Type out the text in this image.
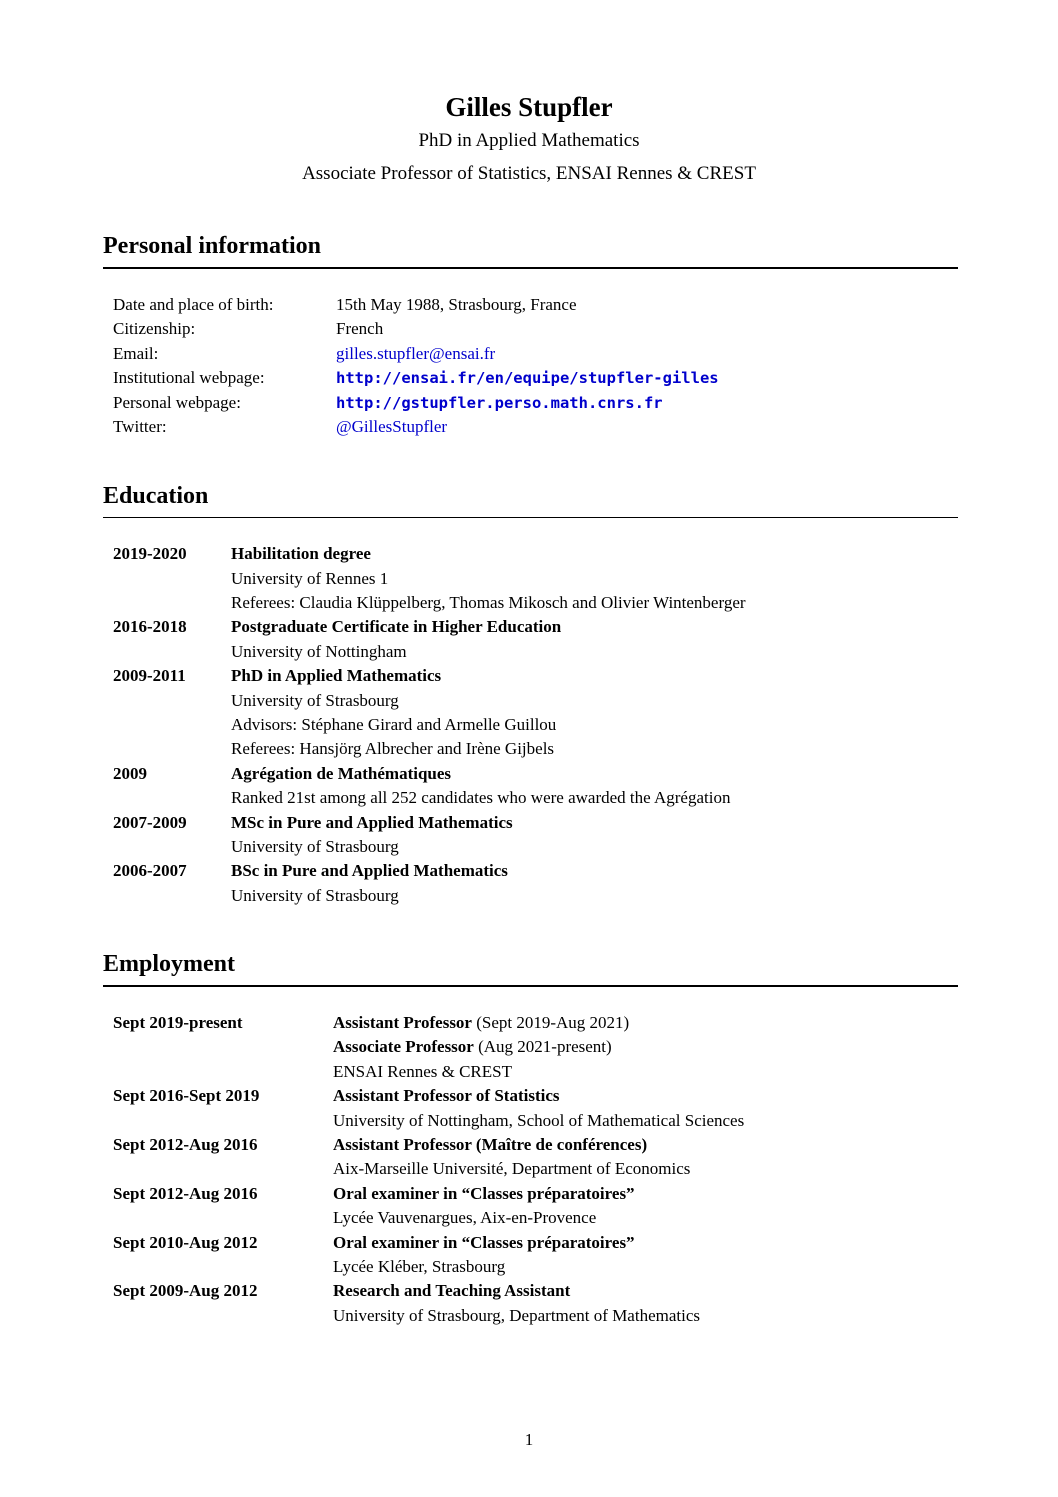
Gilles Stupfler
PhD in Applied Mathematics
Associate Professor of Statistics, ENSAI Rennes & CREST
Personal information
Date and place of birth:	15th May 1988, Strasbourg, France
Citizenship:	French
Email:	gilles.stupfler@ensai.fr
Institutional webpage:	http://ensai.fr/en/equipe/stupfler-gilles
Personal webpage:	http://gstupfler.perso.math.cnrs.fr
Twitter:	@GillesStupfler
Education
2019-2020	Habilitation degree
University of Rennes 1
Referees: Claudia Klüppelberg, Thomas Mikosch and Olivier Wintenberger
2016-2018	Postgraduate Certificate in Higher Education
University of Nottingham
2009-2011	PhD in Applied Mathematics
University of Strasbourg
Advisors: Stéphane Girard and Armelle Guillou
Referees: Hansjörg Albrecher and Irène Gijbels
2009	Agrégation de Mathématiques
Ranked 21st among all 252 candidates who were awarded the Agrégation
2007-2009	MSc in Pure and Applied Mathematics
University of Strasbourg
2006-2007	BSc in Pure and Applied Mathematics
University of Strasbourg
Employment
Sept 2019-present	Assistant Professor (Sept 2019-Aug 2021)
Associate Professor (Aug 2021-present)
ENSAI Rennes & CREST
Sept 2016-Sept 2019	Assistant Professor of Statistics
University of Nottingham, School of Mathematical Sciences
Sept 2012-Aug 2016	Assistant Professor (Maître de conférences)
Aix-Marseille Université, Department of Economics
Sept 2012-Aug 2016	Oral examiner in “Classes préparatoires”
Lycée Vauvenargues, Aix-en-Provence
Sept 2010-Aug 2012	Oral examiner in “Classes préparatoires”
Lycée Kléber, Strasbourg
Sept 2009-Aug 2012	Research and Teaching Assistant
University of Strasbourg, Department of Mathematics
1
